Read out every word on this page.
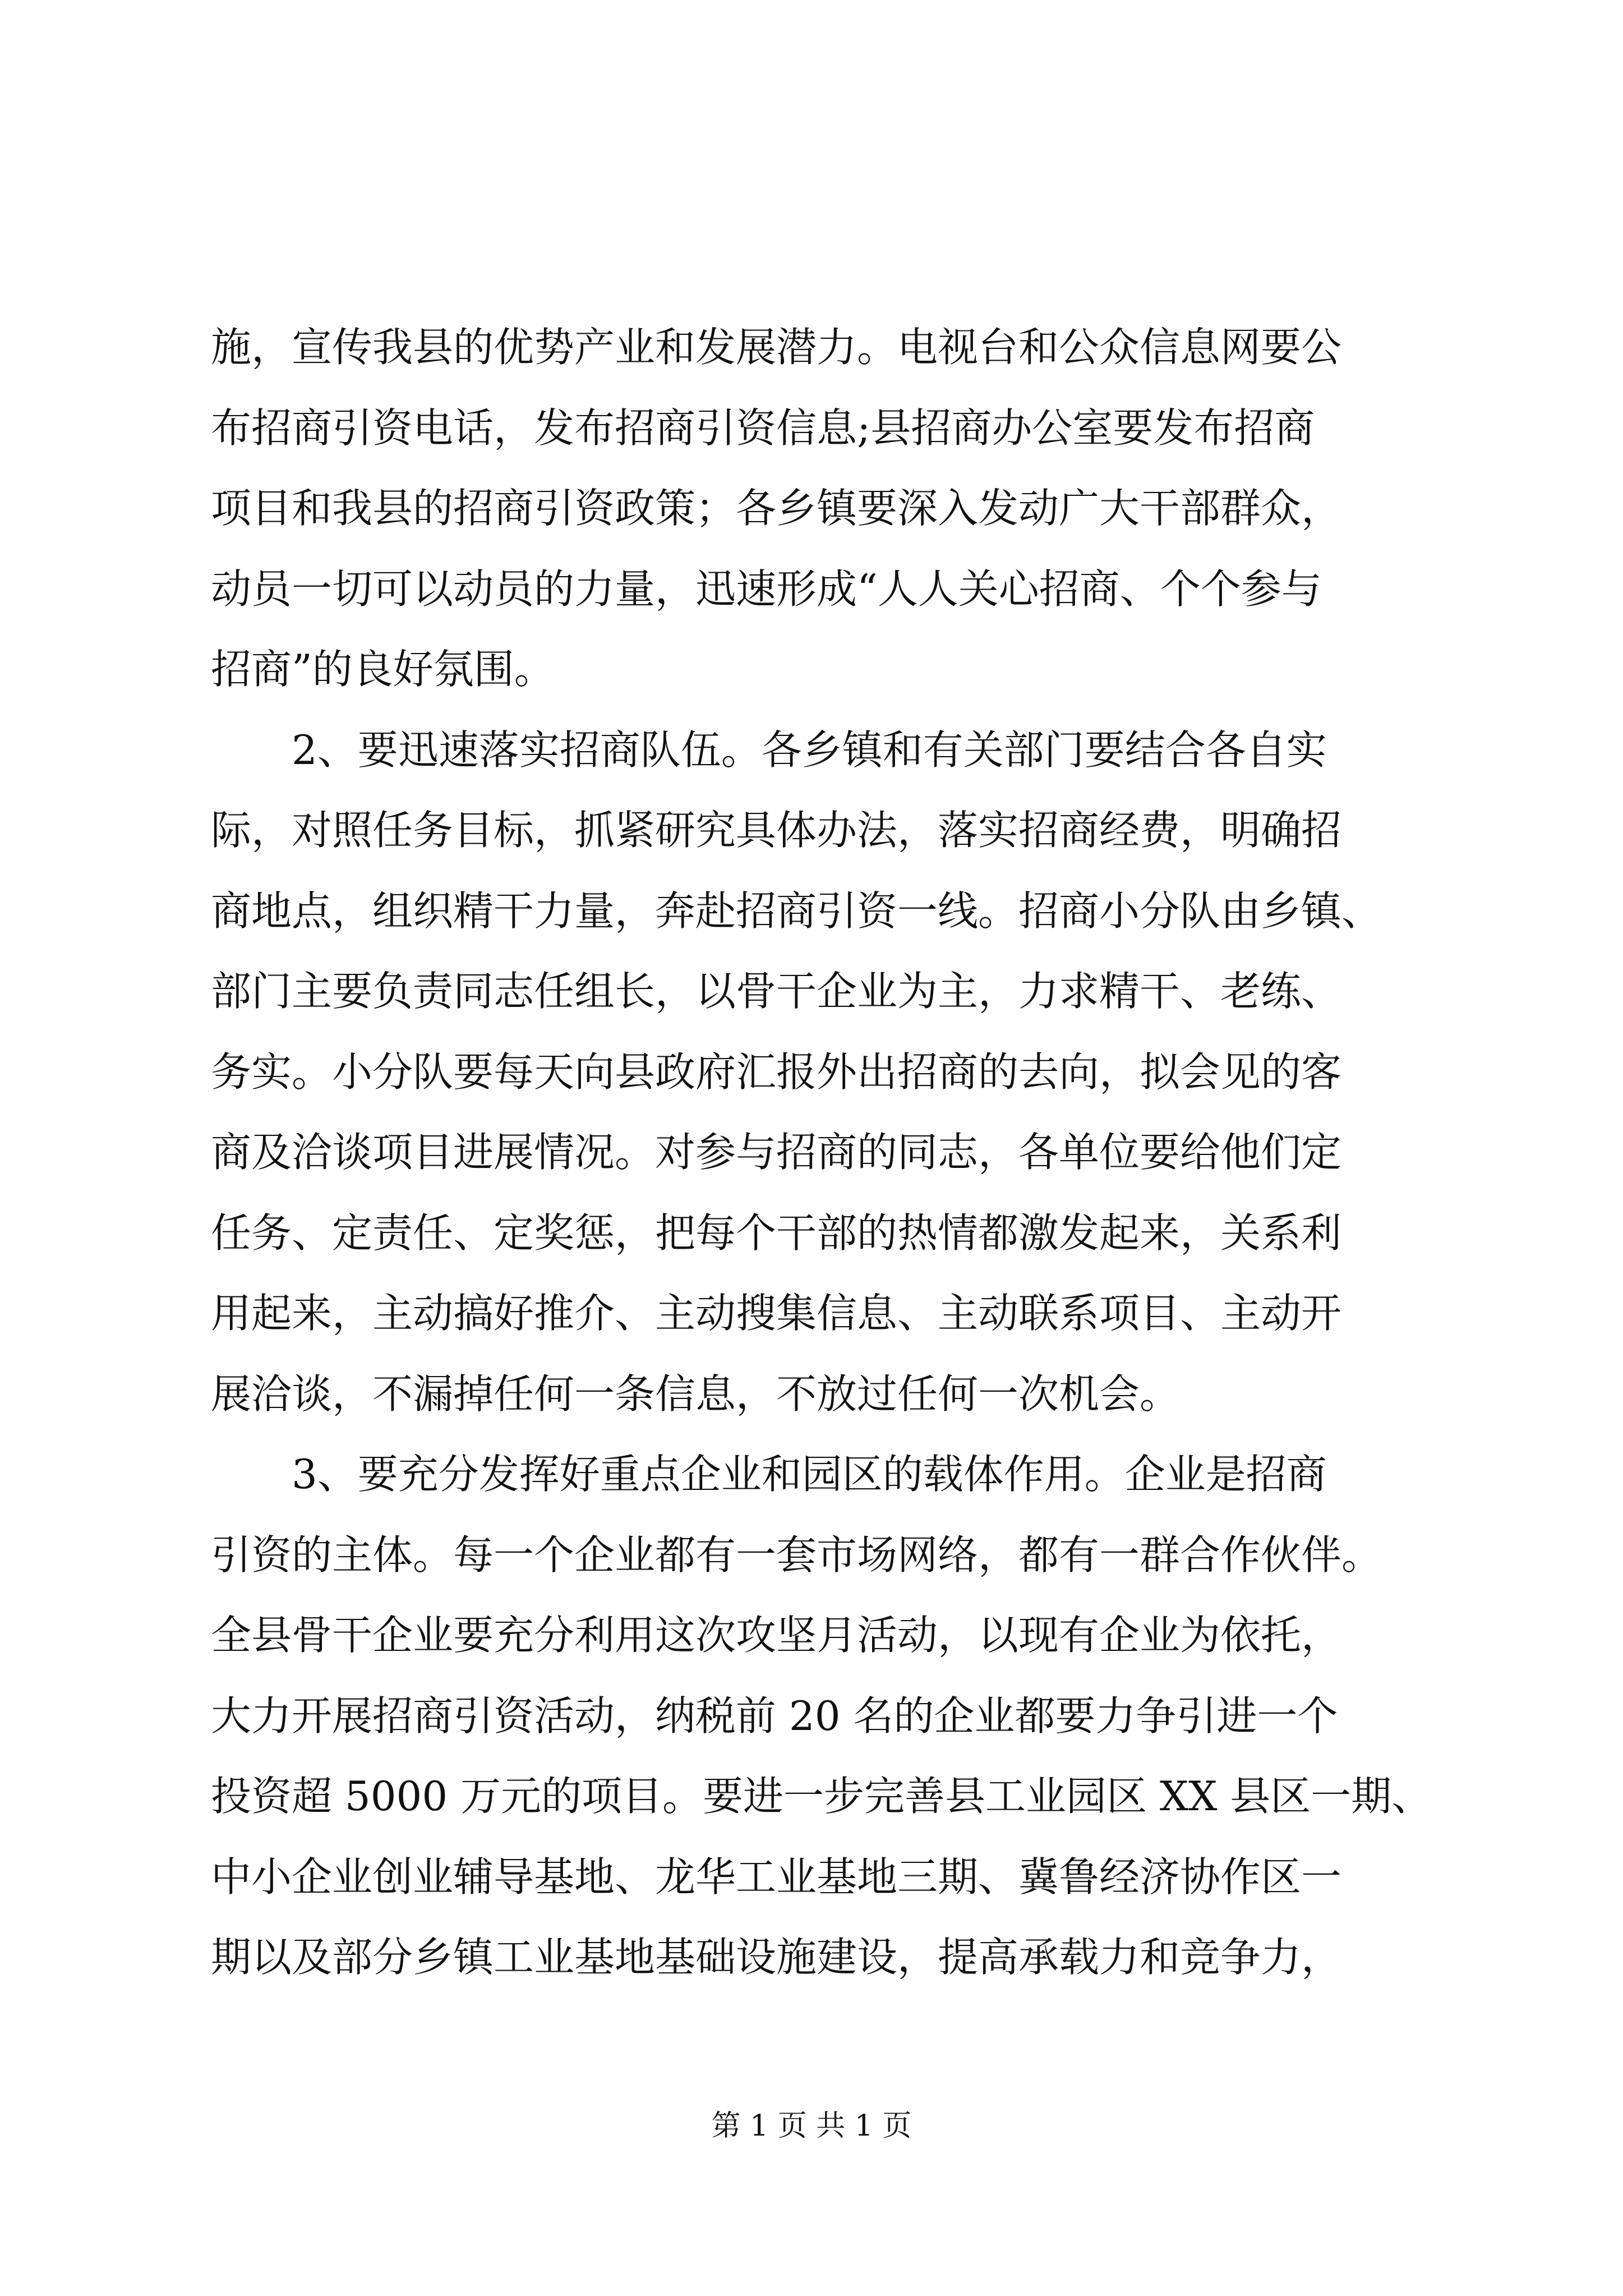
施，宣传我县的优势产业和发展潜力。电视台和公众信息网要公
布招商引资电话，发布招商引资信息;县招商办公室要发布招商
项目和我县的招商引资政策；各乡镇要深入发动广大干部群众，
动员一切可以动员的力量，迅速形成“人人关心招商、个个参与
招商”的良好氛围。
　　2、要迅速落实招商队伍。各乡镇和有关部门要结合各自实
际，对照任务目标，抓紧研究具体办法，落实招商经费，明确招
商地点，组织精干力量，奔赴招商引资一线。招商小分队由乡镇、
部门主要负责同志任组长，以骨干企业为主，力求精干、老练、
务实。小分队要每天向县政府汇报外出招商的去向，拟会见的客
商及洽谈项目进展情况。对参与招商的同志，各单位要给他们定
任务、定责任、定奖惩，把每个干部的热情都激发起来，关系利
用起来，主动搞好推介、主动搜集信息、主动联系项目、主动开
展洽谈，不漏掉任何一条信息，不放过任何一次机会。
　　3、要充分发挥好重点企业和园区的载体作用。企业是招商
引资的主体。每一个企业都有一套市场网络，都有一群合作伙伴。
全县骨干企业要充分利用这次攻坚月活动，以现有企业为依托，
大力开展招商引资活动，纳税前 20 名的企业都要力争引进一个
投资超 5000 万元的项目。要进一步完善县工业园区 XX 县区一期、
中小企业创业辅导基地、龙华工业基地三期、冀鲁经济协作区一
期以及部分乡镇工业基地基础设施建设，提高承载力和竞争力，
第 1 页 共 1 页
